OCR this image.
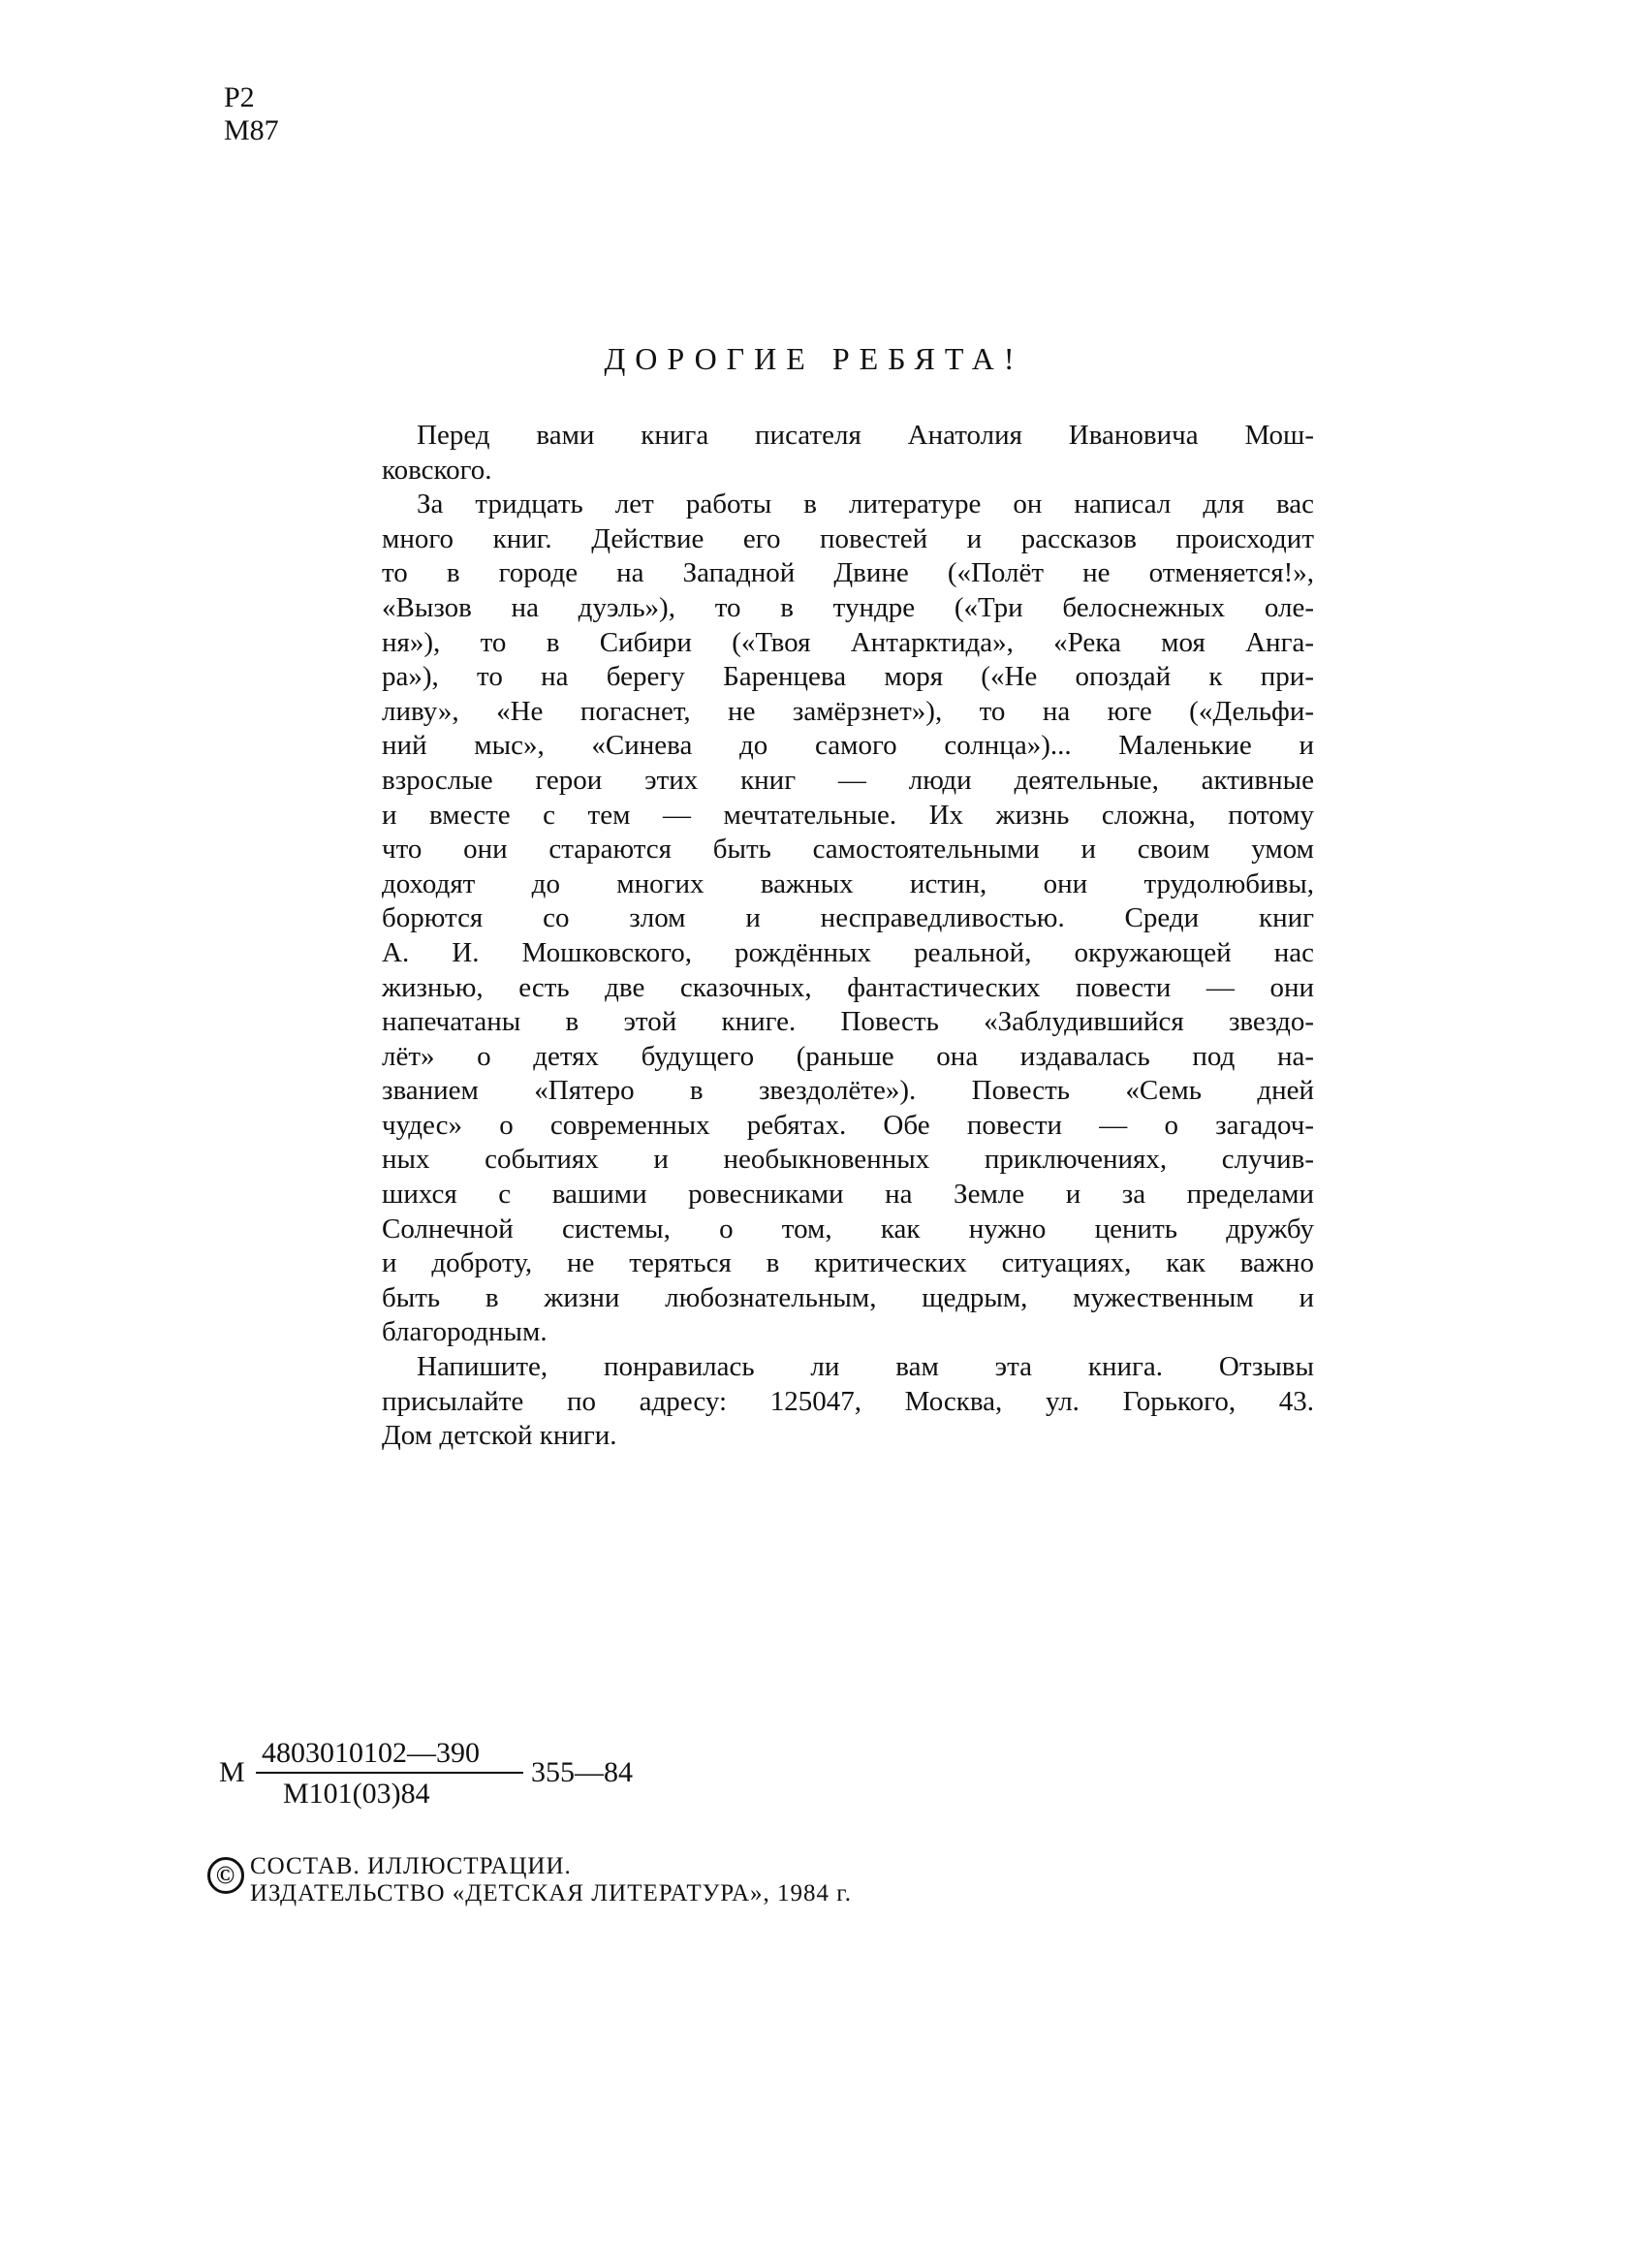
Р2
М87
ДОРОГИЕ РЕБЯТА!
Перед вами книга писателя Анатолия Ивановича Мош-
ковского.
За тридцать лет работы в литературе он написал для вас
много книг. Действие его повестей и рассказов происходит
то в городе на Западной Двине («Полёт не отменяется!»,
«Вызов на дуэль»), то в тундре («Три белоснежных оле-
ня»), то в Сибири («Твоя Антарктида», «Река моя Анга-
ра»), то на берегу Баренцева моря («Не опоздай к при-
ливу», «Не погаснет, не замёрзнет»), то на юге («Дельфи-
ний мыс», «Синева до самого солнца»)... Маленькие и
взрослые герои этих книг — люди деятельные, активные
и вместе с тем — мечтательные. Их жизнь сложна, потому
что они стараются быть самостоятельными и своим умом
доходят до многих важных истин, они трудолюбивы,
борются со злом и несправедливостью. Среди книг
А. И. Мошковского, рождённых реальной, окружающей нас
жизнью, есть две сказочных, фантастических повести — они
напечатаны в этой книге. Повесть «Заблудившийся звездо-
лёт» о детях будущего (раньше она издавалась под на-
званием «Пятеро в звездолёте»). Повесть «Семь дней
чудес» о современных ребятах. Обе повести — о загадоч-
ных событиях и необыкновенных приключениях, случив-
шихся с вашими ровесниками на Земле и за пределами
Солнечной системы, о том, как нужно ценить дружбу
и доброту, не теряться в критических ситуациях, как важно
быть в жизни любознательным, щедрым, мужественным и
благородным.
Напишите, понравилась ли вам эта книга. Отзывы
присылайте по адресу: 125047, Москва, ул. Горького, 43.
Дом детской книги.
М
4803010102—390
М101(03)84
355—84
© СОСТАВ. ИЛЛЮСТРАЦИИ.
ИЗДАТЕЛЬСТВО «ДЕТСКАЯ ЛИТЕРАТУРА», 1984 г.
